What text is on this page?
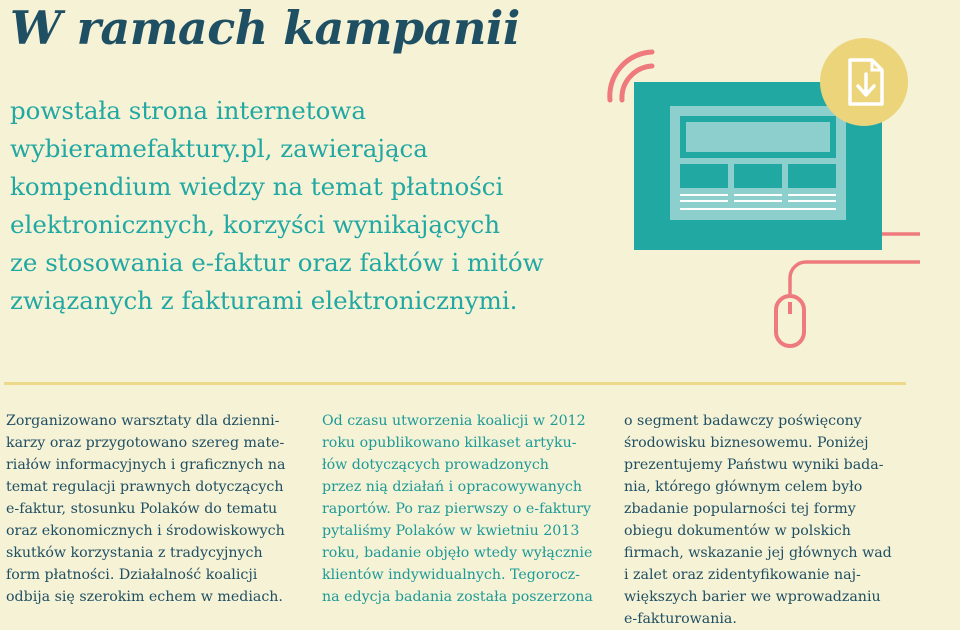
W ramach kampanii

powstała strona internetowa
wybieramefaktury.pl, zawierająca
kompendium wiedzy na temat płatności
elektronicznych, korzyści wynikających
ze stosowania e-faktur oraz faktów i mitów
związanych z fakturami elektronicznymi.

Zorganizowano warsztaty dla dzienni-
karzy oraz przygotowano szereg mate-
riałów informacyjnych i graficznych na
temat regulacji prawnych dotyczących
e-faktur, stosunku Polaków do tematu
oraz ekonomicznych i środowiskowych
skutków korzystania z tradycyjnych
form płatności. Działalność koalicji
odbija się szerokim echem w mediach.

Od czasu utworzenia koalicji w 2012
roku opublikowano kilkaset artyku-
łów dotyczących prowadzonych
przez nią działań i opracowywanych
raportów. Po raz pierwszy o e-faktury
pytaliśmy Polaków w kwietniu 2013
roku, badanie objęło wtedy wyłącznie
klientów indywidualnych. Tegorocz-
na edycja badania została poszerzona

o segment badawczy poświęcony
środowisku biznesowemu. Poniżej
prezentujemy Państwu wyniki bada-
nia, którego głównym celem było
zbadanie popularności tej formy
obiegu dokumentów w polskich
firmach, wskazanie jej głównych wad
i zalet oraz zidentyfikowanie naj-
większych barier we wprowadzaniu
e-fakturowania.
